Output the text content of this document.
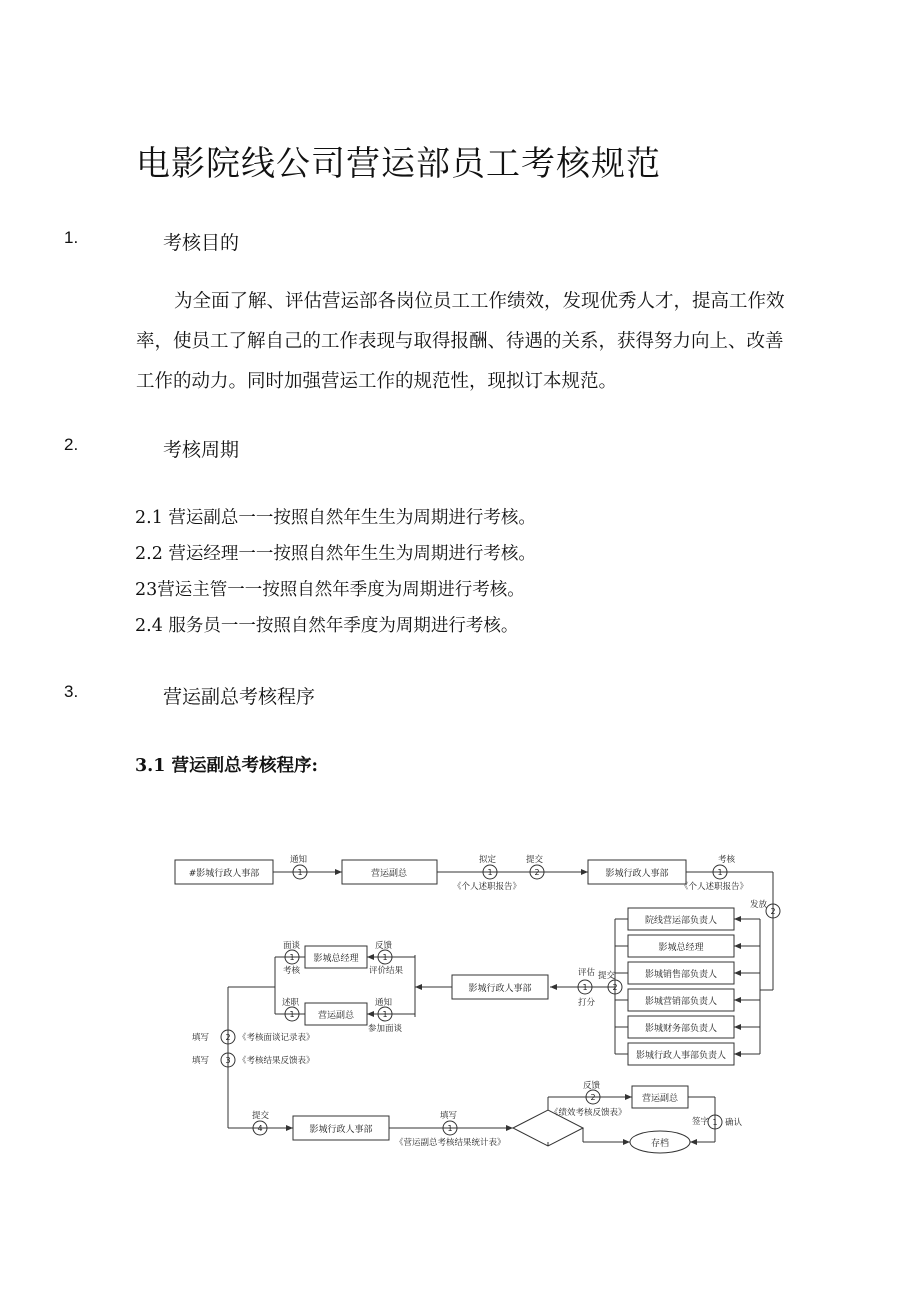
电影院线公司营运部员工考核规范
1.	考核目的
为全面了解、评估营运部各岗位员工工作绩效，发现优秀人才，提高工作效率，使员工了解自己的工作表现与取得报酬、待遇的关系，获得努力向上、改善工作的动力。同时加强营运工作的规范性，现拟订本规范。
2.	考核周期
2.1 营运副总一一按照自然年生生为周期进行考核。
2.2 营运经理一一按照自然年生生为周期进行考核。
23营运主管一一按照自然年季度为周期进行考核。
2.4 服务员一一按照自然年季度为周期进行考核。
3.	营运副总考核程序
3.1 营运副总考核程序:
1	1	2	1
2
1	2
1	1
1	1
2
3
4	1
2
1
#影城行政人事部	营运副总	影城行政人事部
院线营运部负责人
影城总经理
影城销售部负责人
影城营销部负责人
影城财务部负责人
影城行政人事部负责人
影城行政人事部
影城总经理
营运副总
影城行政人事部
营运副总
存档
通知	拟定	提交
《个人述职报告》
考核
《个人述职报告》
发放
面谈
考核
反馈
评价结果
述职	通知
参加面谈
评估
打分
提交
填写	《考核面谈记录表》
填写	《考核结果反馈表》
提交	填写
《营运副总考核结果统计表》
反馈
《绩效考核反馈表》
签字 确认
